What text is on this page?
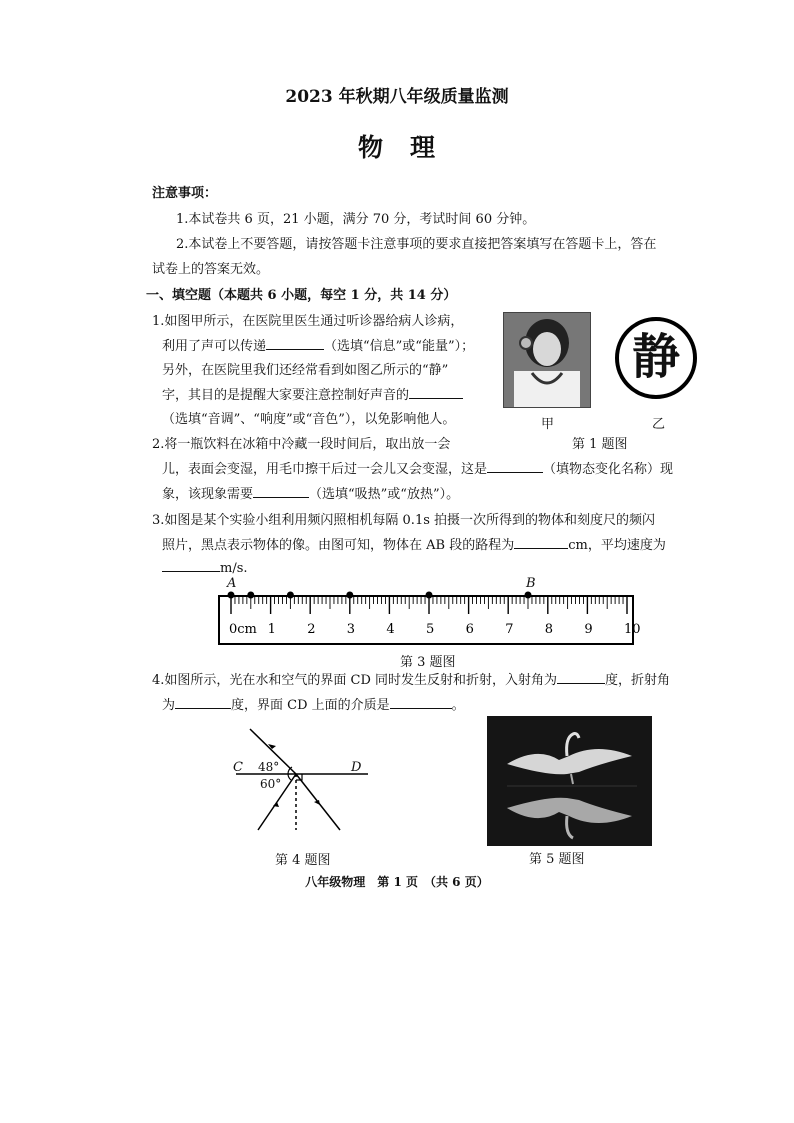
2023 年秋期八年级质量监测
物　理
注意事项：
1.本试卷共 6 页，21 小题，满分 70 分，考试时间 60 分钟。
2.本试卷上不要答题，请按答题卡注意事项的要求直接把答案填写在答题卡上，答在
试卷上的答案无效。
一、填空题（本题共 6 小题，每空 1 分，共 14 分）
1.如图甲所示，在医院里医生通过听诊器给病人诊病，
利用了声可以传递	（选填“信息”或“能量”）；
另外，在医院里我们还经常看到如图乙所示的“静”
字，其目的是提醒大家要注意控制好声音的
（选填“音调”、“响度”或“音色”），以免影响他人。	甲
静
乙
第 1 题图
2.将一瓶饮料在冰箱中冷藏一段时间后，取出放一会
儿，表面会变湿，用毛巾擦干后过一会儿又会变湿，这是	（填物态变化名称）现
象，该现象需要	（选填“吸热”或“放热”）。
3.如图是某个实验小组利用频闪照相机每隔 0.1s 拍摄一次所得到的物体和刻度尺的频闪
照片，黑点表示物体的像。由图可知，物体在 AB 段的路程为	cm，平均速度为
m/s.
0cm 1 2 3 4 5 6 7 8 9 10
A	B
第 3 题图
4.如图所示，光在水和空气的界面 CD 同时发生反射和折射，入射角为	度，折射角
为	度，界面 CD 上面的介质是	。
C	D
48°
60°
第 4 题图	第 5 题图
八年级物理　第 1 页　（共 6 页）
